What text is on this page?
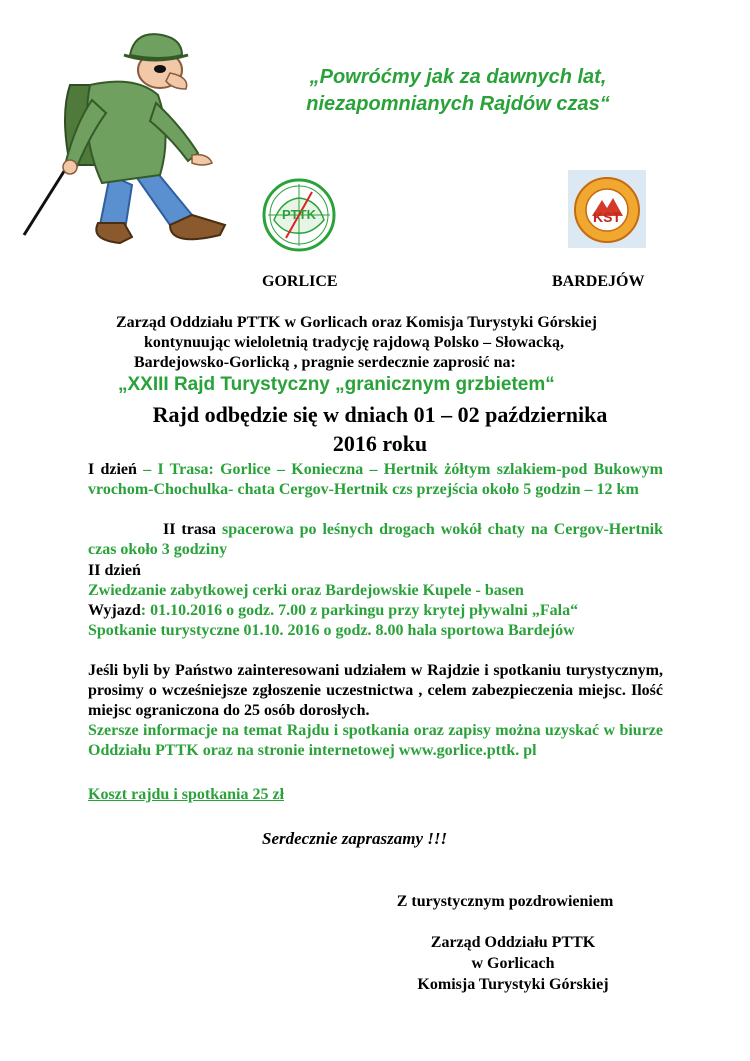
„Powróćmy jak za dawnych lat,
niezapomnianych Rajdów czas“
PTTK	KST
GORLICE	BARDEJÓW
Zarząd Oddziału PTTK w Gorlicach oraz Komisja Turystyki Górskiej
kontynuując wieloletnią tradycję rajdową Polsko – Słowacką,
Bardejowsko-Gorlicką , pragnie serdecznie zaprosić na:
„XXIII Rajd Turystyczny „granicznym grzbietem“
Rajd odbędzie się w dniach 01 – 02 października
2016 roku
I dzień – I Trasa: Gorlice – Konieczna – Hertnik żółtym szlakiem-pod Bukowym vrochom-Chochulka- chata Cergov-Hertnik czs przejścia około 5 godzin – 12 km
II trasa spacerowa po leśnych drogach wokół chaty na Cergov-Hertnik czas około 3 godziny
II dzień
Zwiedzanie zabytkowej cerki oraz Bardejowskie Kupele - basen
Wyjazd: 01.10.2016 o godz. 7.00 z parkingu przy krytej pływalni „Fala“
Spotkanie turystyczne 01.10. 2016 o godz. 8.00 hala sportowa Bardejów
Jeśli byli by Państwo zainteresowani udziałem w Rajdzie i spotkaniu turystycznym, prosimy o wcześniejsze zgłoszenie uczestnictwa , celem zabezpieczenia miejsc. Ilość miejsc ograniczona do 25 osób dorosłych.
Szersze informacje na temat Rajdu i spotkania oraz zapisy można uzyskać w biurze Oddziału PTTK oraz na stronie internetowej www.gorlice.pttk. pl
Koszt rajdu i spotkania 25 zł
Serdecznie zapraszamy !!!
Z turystycznym pozdrowieniem
Zarząd Oddziału PTTK
w Gorlicach
Komisja Turystyki Górskiej
